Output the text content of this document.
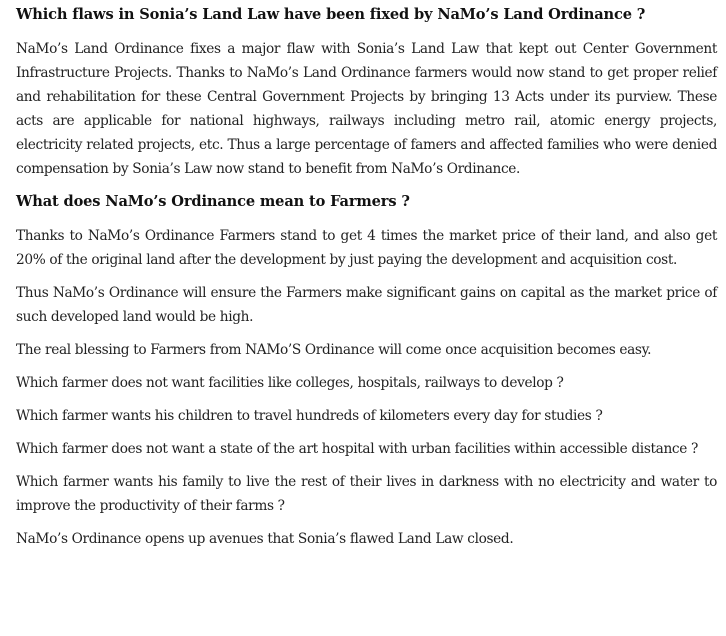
Which flaws in Sonia’s Land Law have been fixed by NaMo’s Land Ordinance ?

NaMo’s Land Ordinance fixes a major flaw with Sonia’s Land Law that kept out Center Government Infrastructure Projects. Thanks to NaMo’s Land Ordinance farmers would now stand to get proper relief and rehabilitation for these Central Government Projects by bringing 13 Acts under its purview. These acts are applicable for national highways, railways including metro rail, atomic energy projects, electricity related projects, etc. Thus a large percentage of famers and affected families who were denied compensation by Sonia’s Law now stand to benefit from NaMo’s Ordinance.

What does NaMo’s Ordinance mean to Farmers ?

Thanks to NaMo’s Ordinance Farmers stand to get 4 times the market price of their land, and also get 20% of the original land after the development by just paying the development and acquisition cost.

Thus NaMo’s Ordinance will ensure the Farmers make significant gains on capital as the market price of such developed land would be high.

The real blessing to Farmers from NAMo’S Ordinance will come once acquisition becomes easy.

Which farmer does not want facilities like colleges, hospitals, railways to develop ?

Which farmer wants his children to travel hundreds of kilometers every day for studies ?

Which farmer does not want a state of the art hospital with urban facilities within accessible distance ?

Which farmer wants his family to live the rest of their lives in darkness with no electricity and water to improve the productivity of their farms ?

NaMo’s Ordinance opens up avenues that Sonia’s flawed Land Law closed.
